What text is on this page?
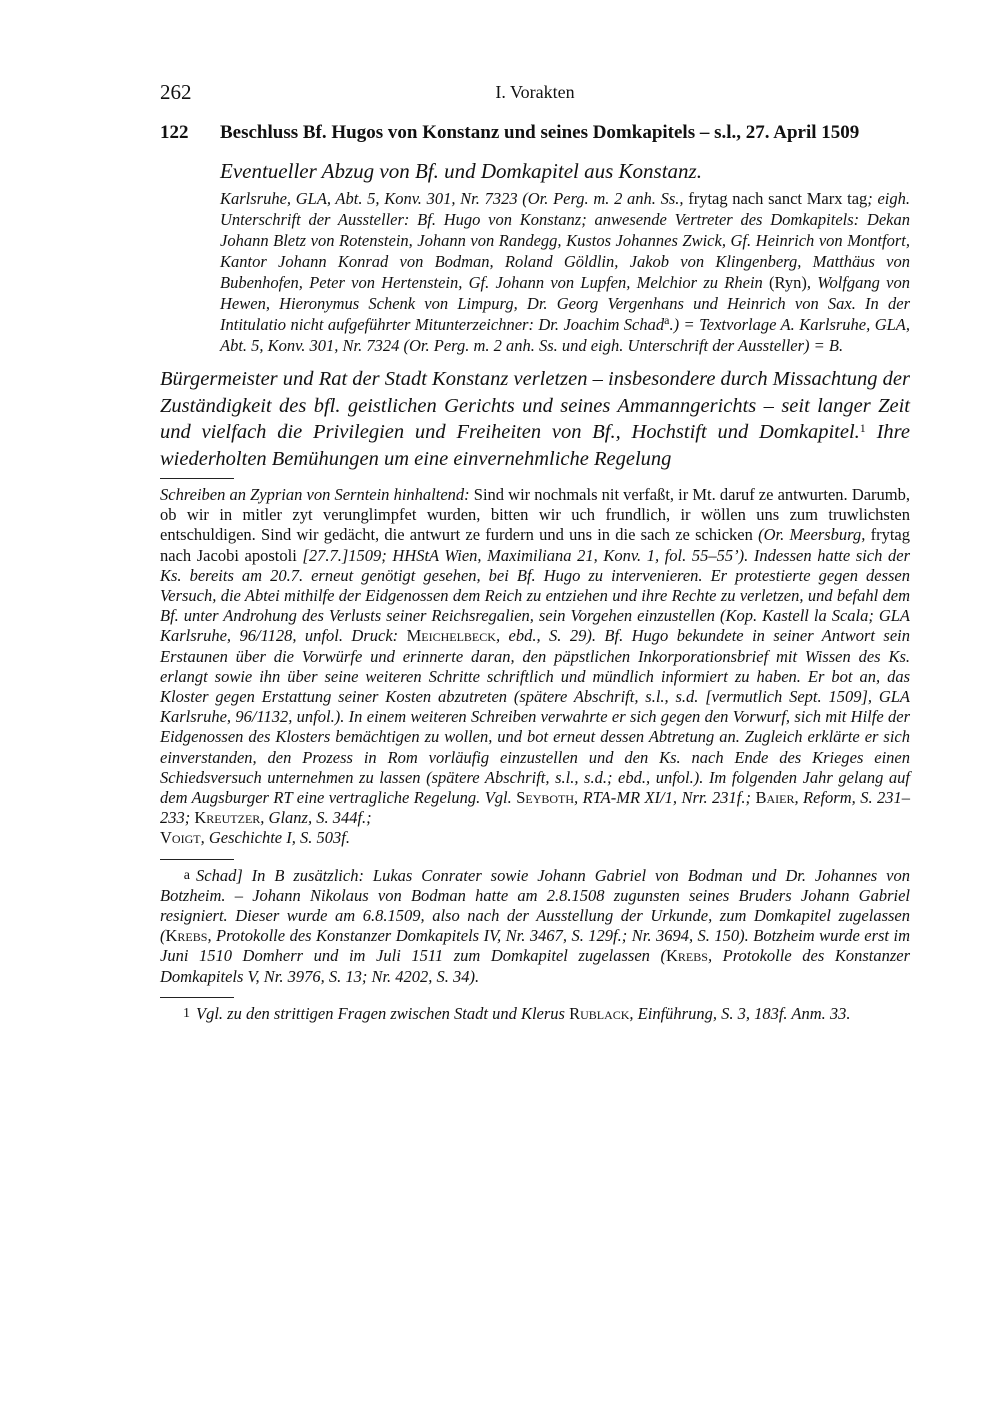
262	I. Vorakten
122	Beschluss Bf. Hugos von Konstanz und seines Domkapitels – s.l., 27. April 1509
Eventueller Abzug von Bf. und Domkapitel aus Konstanz.
Karlsruhe, GLA, Abt. 5, Konv. 301, Nr. 7323 (Or. Perg. m. 2 anh. Ss., frytag nach sanct Marx tag; eigh. Unterschrift der Aussteller: Bf. Hugo von Konstanz; anwesende Vertreter des Domkapitels: Dekan Johann Bletz von Rotenstein, Johann von Randegg, Kustos Johannes Zwick, Gf. Heinrich von Montfort, Kantor Johann Konrad von Bodman, Roland Göldlin, Jakob von Klingenberg, Matthäus von Bubenhofen, Peter von Hertenstein, Gf. Johann von Lupfen, Melchior zu Rhein (Ryn), Wolfgang von Hewen, Hieronymus Schenk von Limpurg, Dr. Georg Vergenhans und Heinrich von Sax. In der Intitulatio nicht aufgeführter Mitunterzeichner: Dr. Joachim Schad$^a$.) = Textvorlage A. Karlsruhe, GLA, Abt. 5, Konv. 301, Nr. 7324 (Or. Perg. m. 2 anh. Ss. und eigh. Unterschrift der Aussteller) = B.
Bürgermeister und Rat der Stadt Konstanz verletzen – insbesondere durch Missachtung der Zuständigkeit des bfl. geistlichen Gerichts und seines Ammanngerichts – seit langer Zeit und vielfach die Privilegien und Freiheiten von Bf., Hochstift und Domkapitel.$^1$ Ihre wiederholten Bemühungen um eine einvernehmliche Regelung
Schreiben an Zyprian von Serntein hinhaltend: Sind wir nochmals nit verfaßt, ir Mt. daruf ze antwurten. Darumb, ob wir in mitler zyt verunglimpfet wurden, bitten wir uch frundlich, ir wöllen uns zum truwlichsten entschuldigen. Sind wir gedächt, die antwurt ze furdern und uns in die sach ze schicken (Or. Meersburg, frytag nach Jacobi apostoli [27.7.]1509; HHStA Wien, Maximiliana 21, Konv. 1, fol. 55–55’). Indessen hatte sich der Ks. bereits am 20.7. erneut genötigt gesehen, bei Bf. Hugo zu intervenieren. Er protestierte gegen dessen Versuch, die Abtei mithilfe der Eidgenossen dem Reich zu entziehen und ihre Rechte zu verletzen, und befahl dem Bf. unter Androhung des Verlusts seiner Reichsregalien, sein Vorgehen einzustellen (Kop. Kastell la Scala; GLA Karlsruhe, 96/1128, unfol. Druck: Meichelbeck, ebd., S. 29). Bf. Hugo bekundete in seiner Antwort sein Erstaunen über die Vorwürfe und erinnerte daran, den päpstlichen Inkorporationsbrief mit Wissen des Ks. erlangt sowie ihn über seine weiteren Schritte schriftlich und mündlich informiert zu haben. Er bot an, das Kloster gegen Erstattung seiner Kosten abzutreten (spätere Abschrift, s.l., s.d. [vermutlich Sept. 1509], GLA Karlsruhe, 96/1132, unfol.). In einem weiteren Schreiben verwahrte er sich gegen den Vorwurf, sich mit Hilfe der Eidgenossen des Klosters bemächtigen zu wollen, und bot erneut dessen Abtretung an. Zugleich erklärte er sich einverstanden, den Prozess in Rom vorläufig einzustellen und den Ks. nach Ende des Krieges einen Schiedsversuch unternehmen zu lassen (spätere Abschrift, s.l., s.d.; ebd., unfol.). Im folgenden Jahr gelang auf dem Augsburger RT eine vertragliche Regelung. Vgl. Seyboth, RTA-MR XI/1, Nrr. 231f.; Baier, Reform, S. 231–233; Kreutzer, Glanz, S. 344f.;
Voigt, Geschichte I, S. 503f.
a Schad] In B zusätzlich: Lukas Conrater sowie Johann Gabriel von Bodman und Dr. Johannes von Botzheim. – Johann Nikolaus von Bodman hatte am 2.8.1508 zugunsten seines Bruders Johann Gabriel resigniert. Dieser wurde am 6.8.1509, also nach der Ausstellung der Urkunde, zum Domkapitel zugelassen (Krebs, Protokolle des Konstanzer Domkapitels IV, Nr. 3467, S. 129f.; Nr. 3694, S. 150). Botzheim wurde erst im Juni 1510 Domherr und im Juli 1511 zum Domkapitel zugelassen (Krebs, Protokolle des Konstanzer Domkapitels V, Nr. 3976, S. 13; Nr. 4202, S. 34).
1 Vgl. zu den strittigen Fragen zwischen Stadt und Klerus Rublack, Einführung, S. 3, 183f. Anm. 33.
